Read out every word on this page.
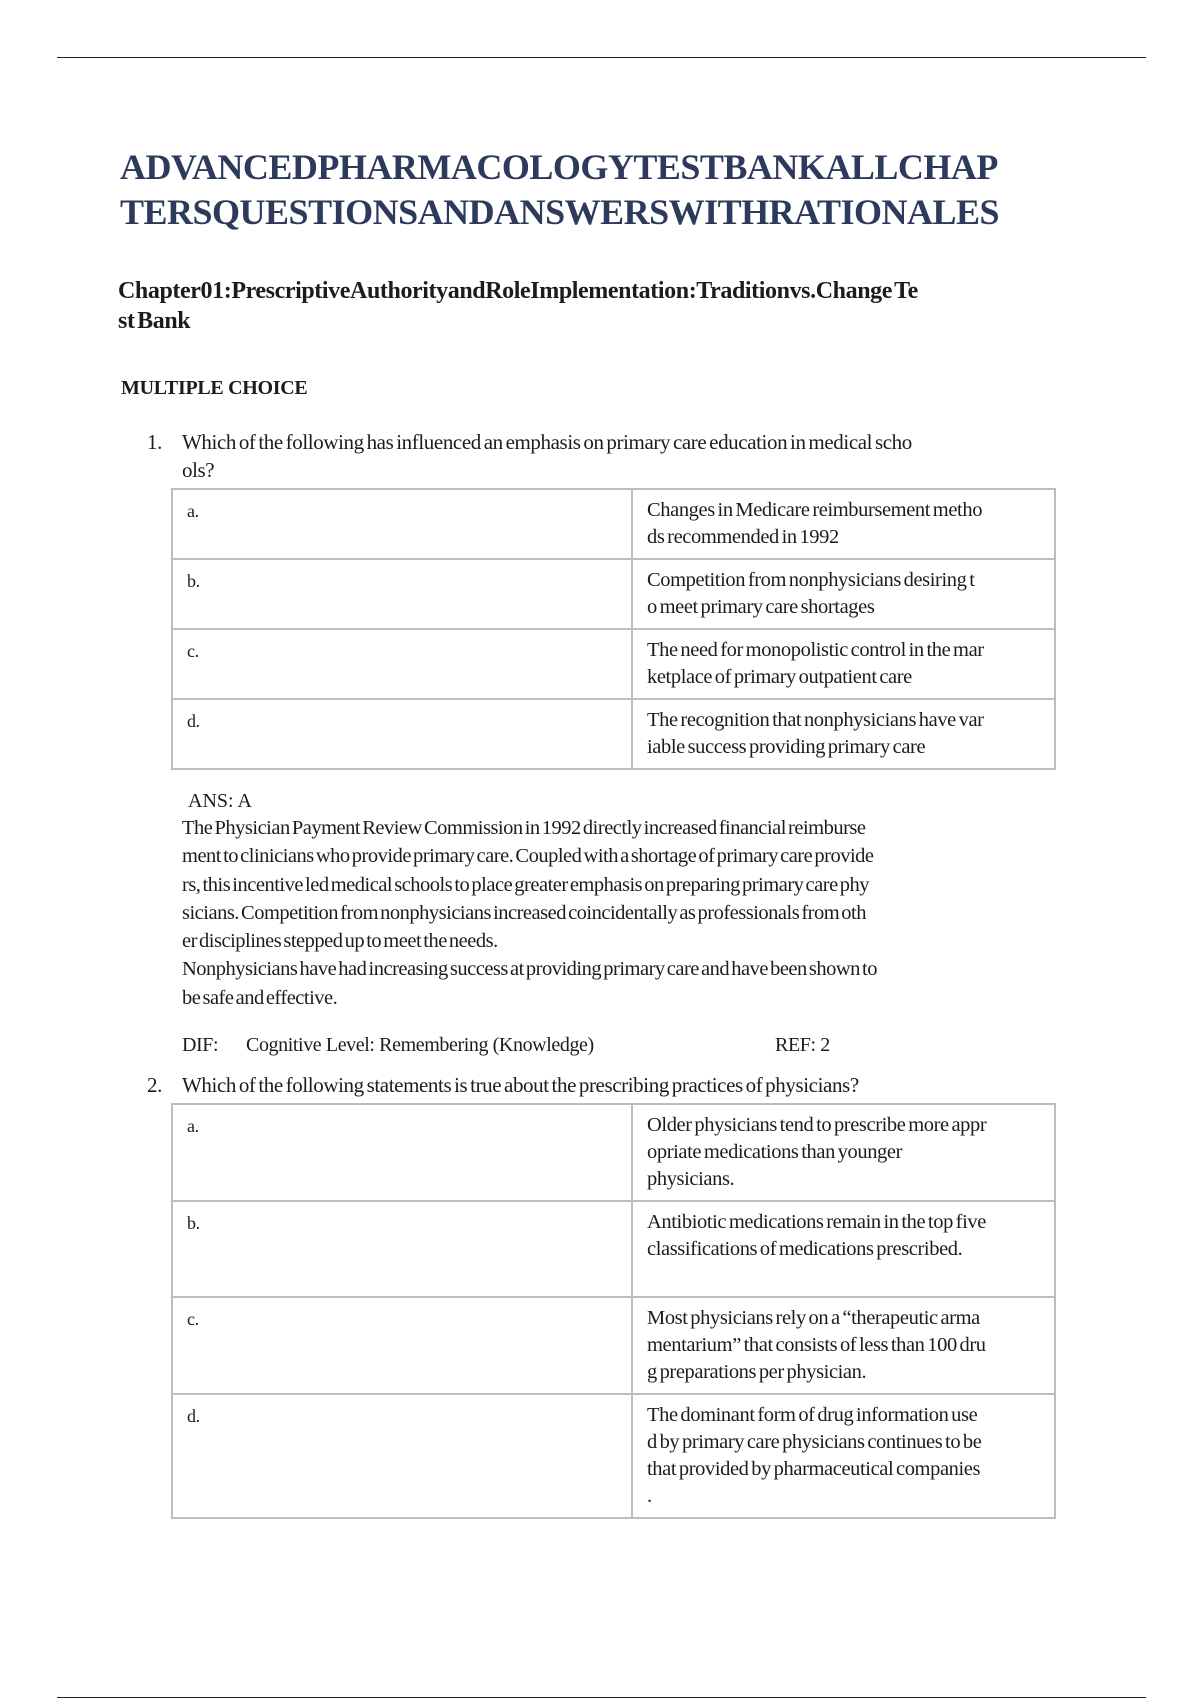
ADVANCEDPHARMACOLOGYTESTBANKALLCHAP
TERSQUESTIONSANDANSWERSWITHRATIONALES
Chapter01:PrescriptiveAuthorityandRoleImplementation:Traditionvs.Change Te
st Bank
MULTIPLE CHOICE
1. Which of the following has influenced an emphasis on primary care education in medical scho
ols?
a.	Changes in Medicare reimbursement metho
ds recommended in 1992

b.	Competition from nonphysicians desiring t
o meet primary care shortages

c.	The need for monopolistic control in the mar
ketplace of primary outpatient care

d.	The recognition that nonphysicians have var
iable success providing primary care
ANS: A
The Physician Payment Review Commission in 1992 directly increased financial reimburse
ment to clinicians who provide primary care. Coupled with a shortage of primary care provide
rs, this incentive led medical schools to place greater emphasis on preparing primary care phy
sicians. Competition from nonphysicians increased coincidentally as professionals from oth
er disciplines stepped up to meet the needs.
Nonphysicians have had increasing success at providing primary care and have been shown to
be safe and effective.
DIF: Cognitive Level: Remembering (Knowledge)	REF: 2
2. Which of the following statements is true about the prescribing practices of physicians?
a.	Older physicians tend to prescribe more appr
opriate medications than younger
physicians.

b.	Antibiotic medications remain in the top five
classifications of medications prescribed.

c.	Most physicians rely on a “therapeutic arma
mentarium” that consists of less than 100 dru
g preparations per physician.

d.	The dominant form of drug information use
d by primary care physicians continues to be
that provided by pharmaceutical companies
.
